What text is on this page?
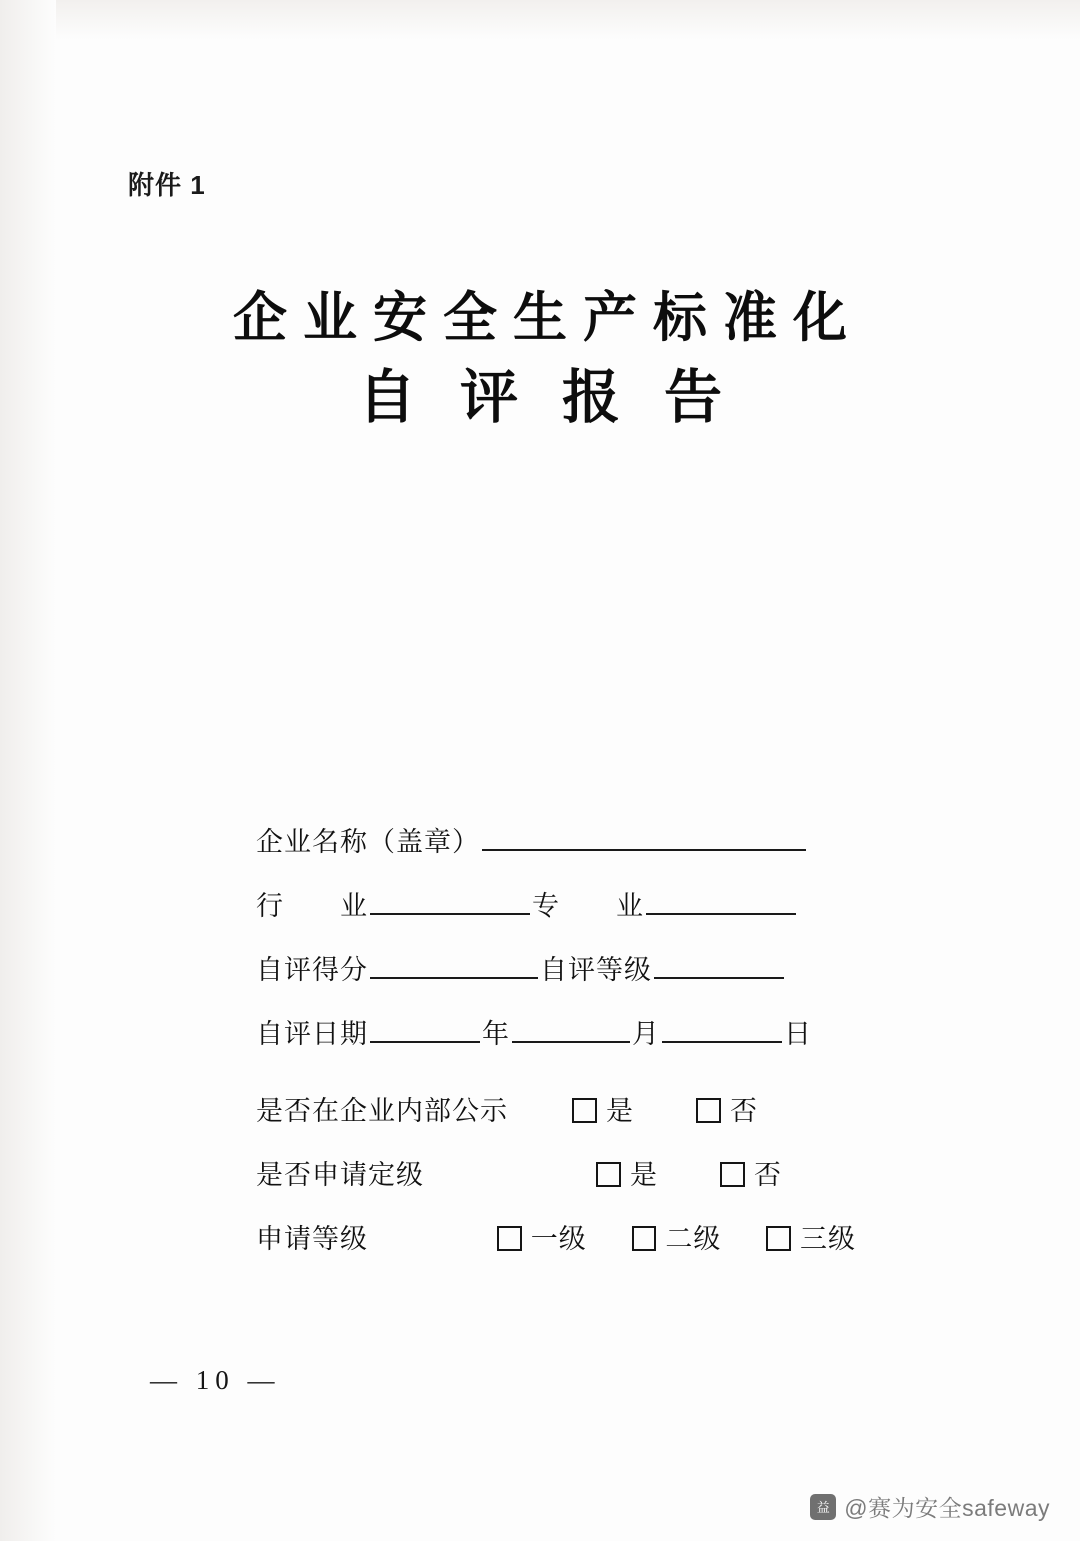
附件 1
企业安全生产标准化
自评报告
企业名称（盖章）
行　　业	专　　业
自评得分	自评等级
自评日期	年	月	日
是否在企业内部公示	是	否
是否申请定级	是	否
申请等级	一级	二级	三级
— 10 —
益 @赛为安全safeway
